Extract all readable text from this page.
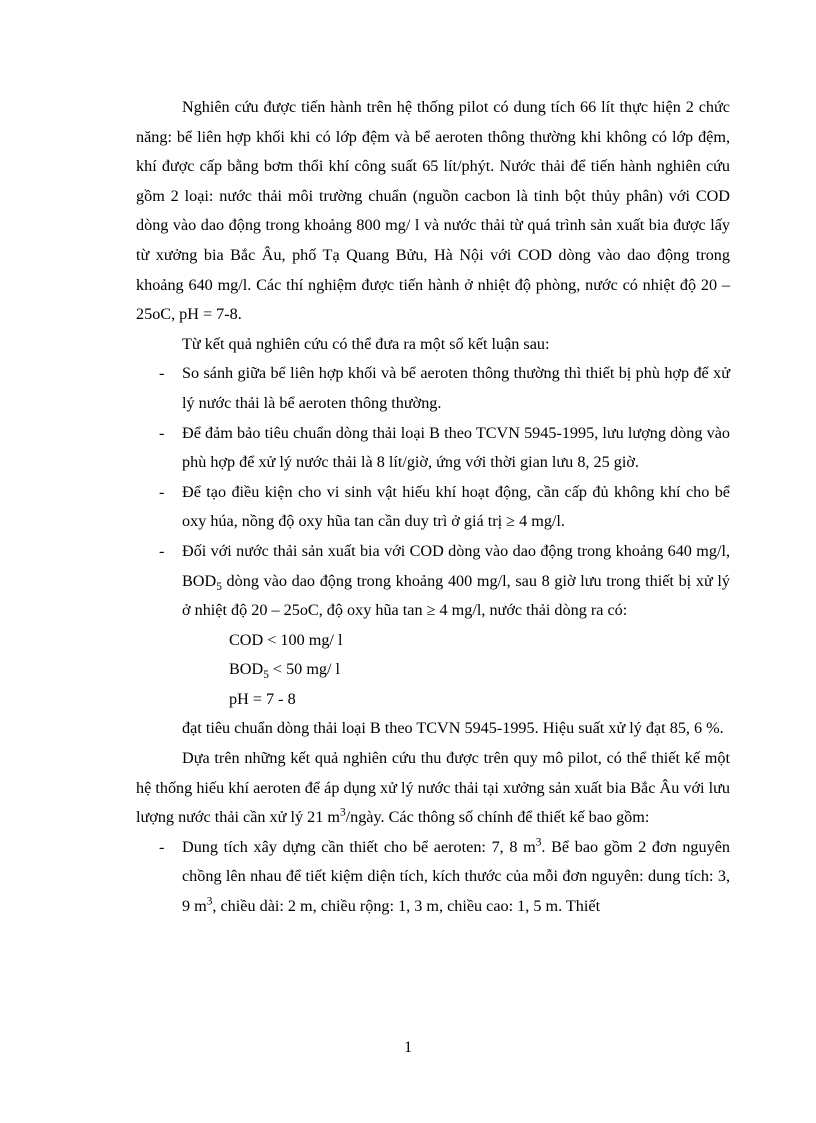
Nghiên cứu được tiến hành trên hệ thống pilot có dung tích 66 lít thực hiện 2 chức năng: bể liên hợp khối khi có lớp đệm và bể aeroten thông thường khi không có lớp đệm, khí được cấp bằng bơm thổi khí công suất 65 lít/phýt. Nước thải để tiến hành nghiên cứu gồm 2 loại: nước thải môi trường chuẩn (nguồn cacbon là tinh bột thủy phân) với COD dòng vào dao động trong khoảng 800 mg/ l và nước thải từ quá trình sản xuất bia được lấy từ xưởng bia Bắc Âu, phố Tạ Quang Bửu, Hà Nội với COD dòng vào dao động trong khoảng 640 mg/l. Các thí nghiệm được tiến hành ở nhiệt độ phòng, nước có nhiệt độ 20 – 25oC, pH = 7-8.

Từ kết quả nghiên cứu có thể đưa ra một số kết luận sau:

- So sánh giữa bể liên hợp khối và bể aeroten thông thường thì thiết bị phù hợp để xử lý nước thải là bể aeroten thông thường.

- Để đảm bảo tiêu chuẩn dòng thải loại B theo TCVN 5945-1995, lưu lượng dòng vào phù hợp để xử lý nước thải là 8 lít/giờ, ứng với thời gian lưu 8, 25 giờ.

- Để tạo điều kiện cho vi sinh vật hiếu khí hoạt động, cần cấp đủ không khí cho bể oxy húa, nồng độ oxy hũa tan cần duy trì ở giá trị ≥ 4 mg/l.

- Đối với nước thải sản xuất bia với COD dòng vào dao động trong khoảng 640 mg/l, $BOD_5$ dòng vào dao động trong khoảng 400 mg/l, sau 8 giờ lưu trong thiết bị xử lý ở nhiệt độ 20 – 25oC, độ oxy hũa tan ≥ 4 mg/l, nước thải dòng ra có:

COD < 100 mg/ l

$BOD_5 < 50$ mg/ l

pH = 7 - 8

đạt tiêu chuẩn dòng thải loại B theo TCVN 5945-1995. Hiệu suất xử lý đạt 85, 6 %.

Dựa trên những kết quả nghiên cứu thu được trên quy mô pilot, có thể thiết kế một hệ thống hiếu khí aeroten để áp dụng xử lý nước thải tại xưởng sản xuất bia Bắc Âu với lưu lượng nước thải cần xử lý 21 $m^3$/ngày. Các thông số chính để thiết kế bao gồm:

- Dung tích xây dựng cần thiết cho bể aeroten: 7, 8 $m^3$. Bể bao gồm 2 đơn nguyên chồng lên nhau để tiết kiệm diện tích, kích thước của mỗi đơn nguyên: dung tích: 3, 9 $m^3$, chiều dài: 2 m, chiều rộng: 1, 3 m, chiều cao: 1, 5 m. Thiết

1
